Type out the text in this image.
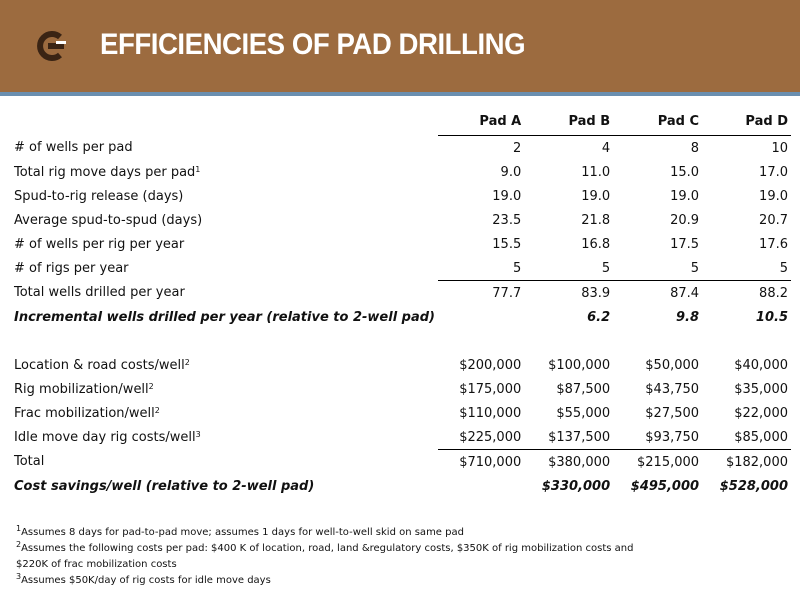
EFFICIENCIES OF PAD DRILLING
	Pad A	Pad B	Pad C	Pad D
# of wells per pad	2	4	8	10
Total rig move days per pad$^1$	9.0	11.0	15.0	17.0
Spud-to-rig release (days)	19.0	19.0	19.0	19.0
Average spud-to-spud (days)	23.5	21.8	20.9	20.7
# of wells per rig per year	15.5	16.8	17.5	17.6
# of rigs per year	5	5	5	5
Total wells drilled per year	77.7	83.9	87.4	88.2
Incremental wells drilled per year (relative to 2-well pad)		6.2	9.8	10.5

Location & road costs/well$^2$	$200,000	$100,000	$50,000	$40,000
Rig mobilization/well$^2$	$175,000	$87,500	$43,750	$35,000
Frac mobilization/well$^2$	$110,000	$55,000	$27,500	$22,000
Idle move day rig costs/well$^3$	$225,000	$137,500	$93,750	$85,000
Total	$710,000	$380,000	$215,000	$182,000
Cost savings/well (relative to 2-well pad)		$330,000	$495,000	$528,000
$^1$Assumes 8 days for pad-to-pad move; assumes 1 days for well-to-well skid on same pad
$^2$Assumes the following costs per pad: $400 K of location, road, land &regulatory costs, $350K of rig mobilization costs and $220K of frac mobilization costs
$^3$Assumes $50K/day of rig costs for idle move days
